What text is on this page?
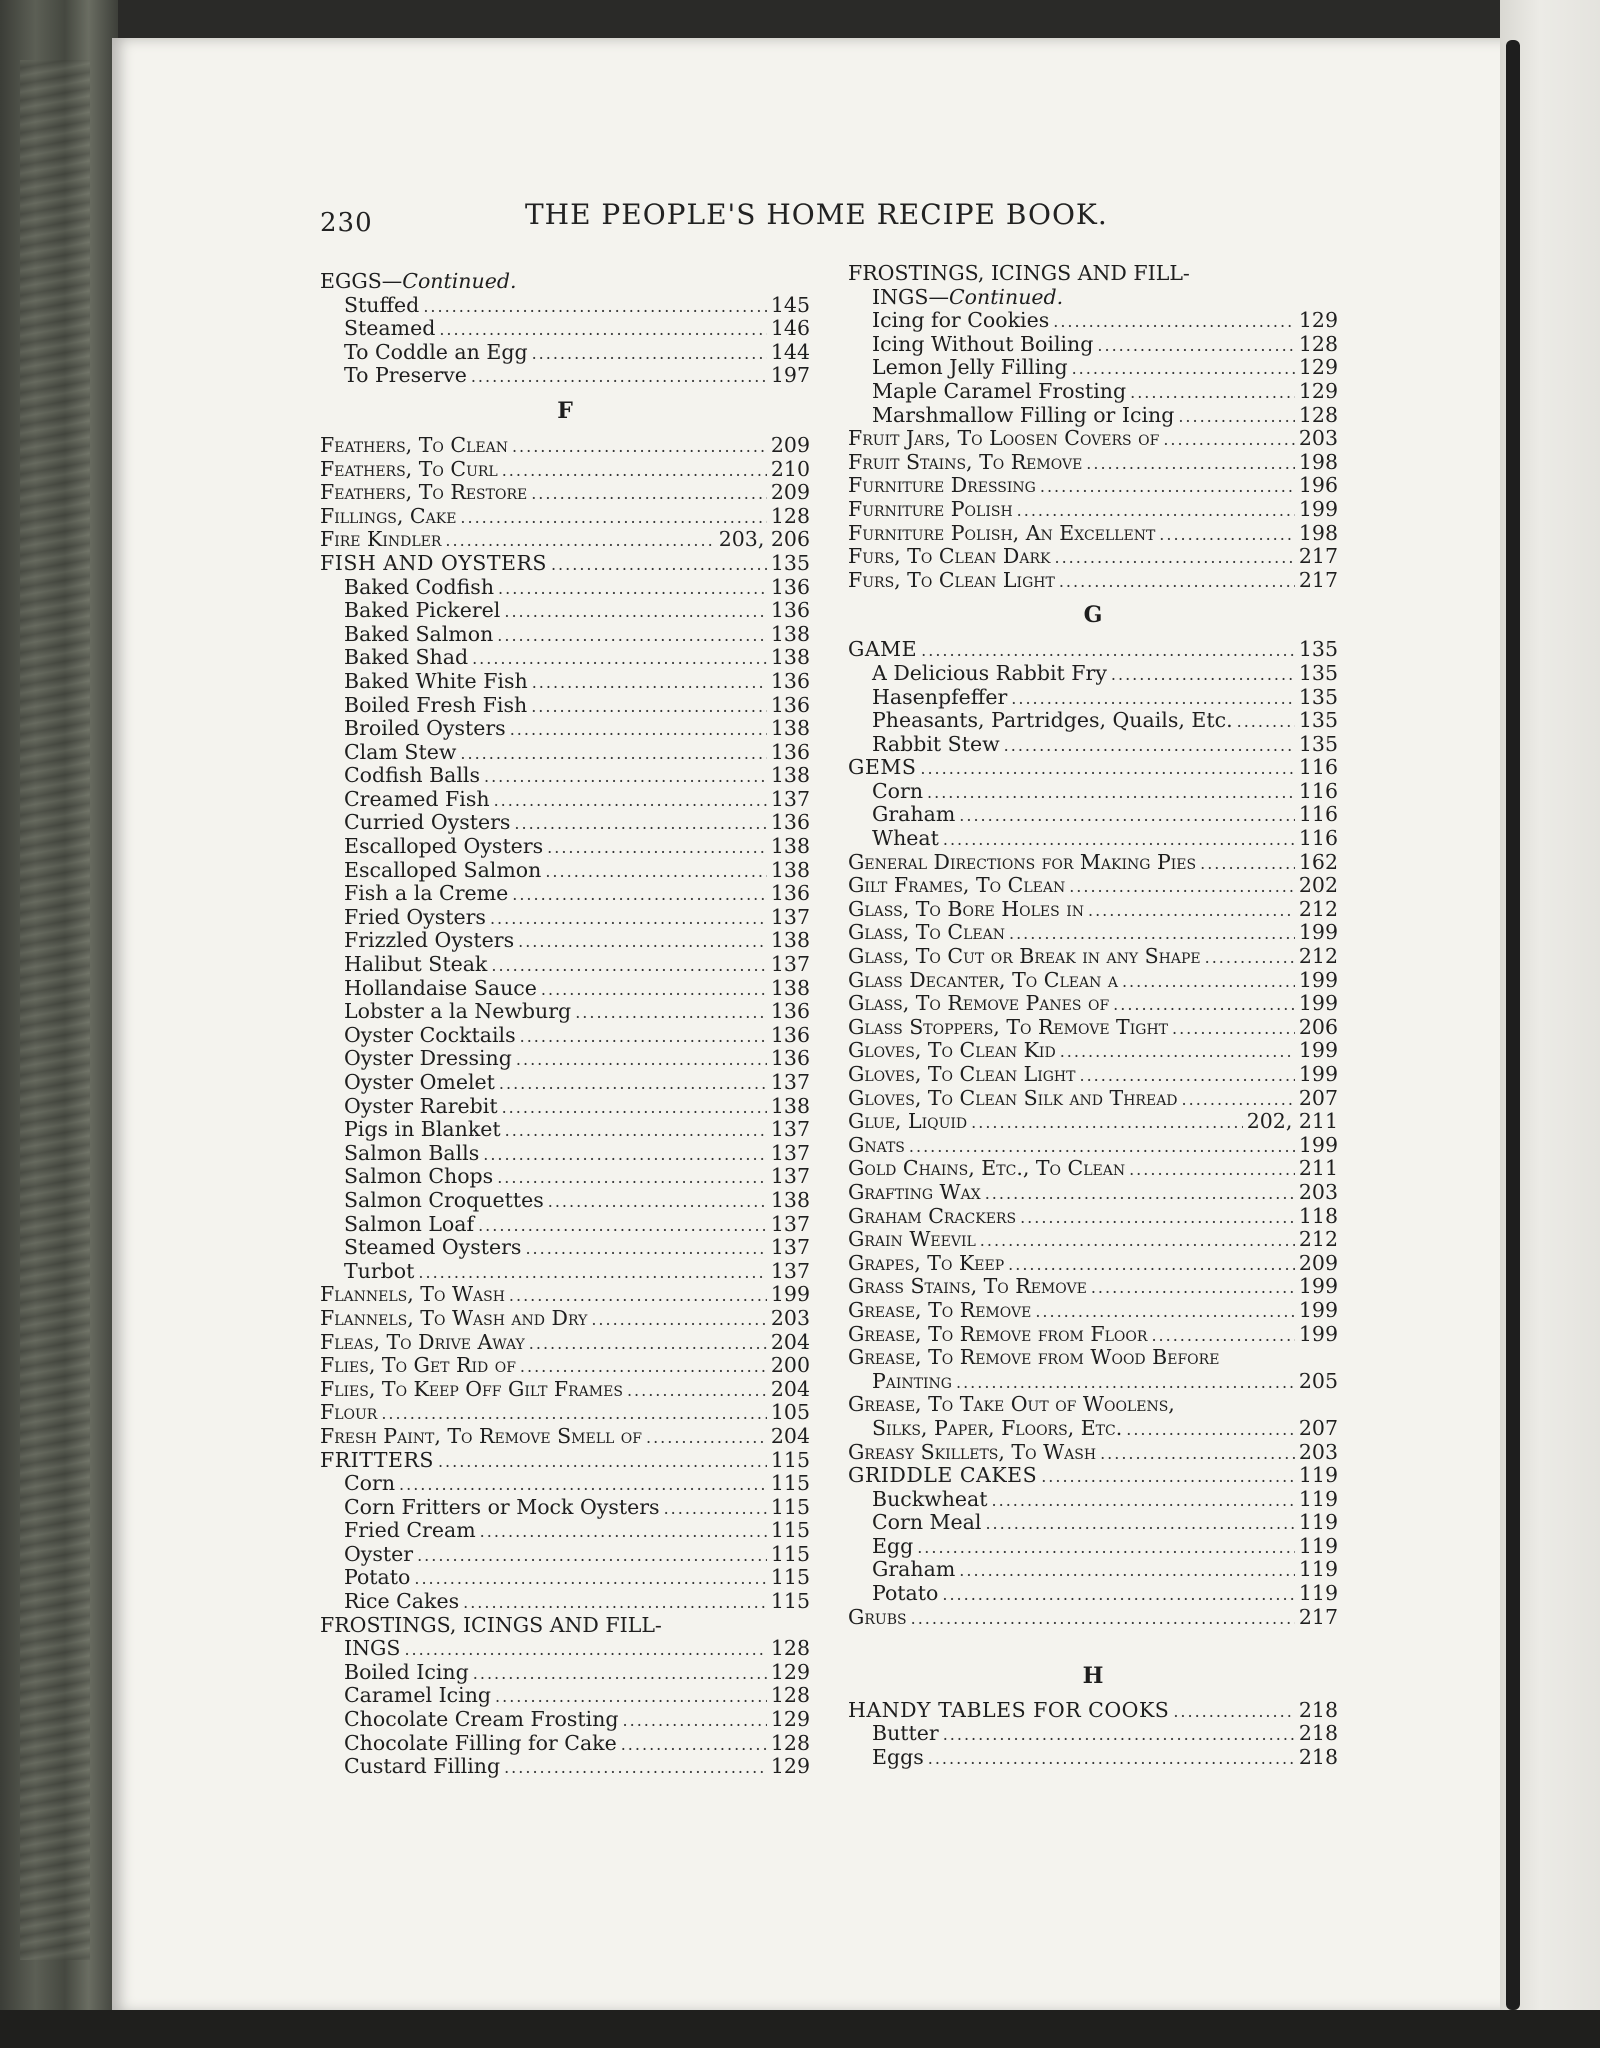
230	THE PEOPLE'S HOME RECIPE BOOK.
EGGS—Continued.
Stuffed .....	145
Steamed .....	146
To Coddle an Egg .....	144
To Preserve .....	197
F
Feathers, To Clean .....	209
Feathers, To Curl .....	210
Feathers, To Restore .....	209
Fillings, Cake .....	128
Fire Kindler .....	203, 206
FISH AND OYSTERS .....	135
Baked Codfish .....	136
Baked Pickerel .....	136
Baked Salmon .....	138
Baked Shad .....	138
Baked White Fish .....	136
Boiled Fresh Fish .....	136
Broiled Oysters .....	138
Clam Stew .....	136
Codfish Balls .....	138
Creamed Fish .....	137
Curried Oysters .....	136
Escalloped Oysters .....	138
Escalloped Salmon .....	138
Fish a la Creme .....	136
Fried Oysters .....	137
Frizzled Oysters .....	138
Halibut Steak .....	137
Hollandaise Sauce .....	138
Lobster a la Newburg .....	136
Oyster Cocktails .....	136
Oyster Dressing .....	136
Oyster Omelet .....	137
Oyster Rarebit .....	138
Pigs in Blanket .....	137
Salmon Balls .....	137
Salmon Chops .....	137
Salmon Croquettes .....	138
Salmon Loaf .....	137
Steamed Oysters .....	137
Turbot .....	137
Flannels, To Wash .....	199
Flannels, To Wash and Dry .....	203
Fleas, To Drive Away .....	204
Flies, To Get Rid of .....	200
Flies, To Keep Off Gilt Frames .....	204
Flour .....	105
Fresh Paint, To Remove Smell of .....	204
FRITTERS .....	115
Corn .....	115
Corn Fritters or Mock Oysters .....	115
Fried Cream .....	115
Oyster .....	115
Potato .....	115
Rice Cakes .....	115
FROSTINGS, ICINGS AND FILL-
INGS .....	128
Boiled Icing .....	129
Caramel Icing .....	128
Chocolate Cream Frosting .....	129
Chocolate Filling for Cake .....	128
Custard Filling .....	129
FROSTINGS, ICINGS AND FILL-
INGS—Continued.
Icing for Cookies .....	129
Icing Without Boiling .....	128
Lemon Jelly Filling .....	129
Maple Caramel Frosting .....	129
Marshmallow Filling or Icing .....	128
Fruit Jars, To Loosen Covers of .....	203
Fruit Stains, To Remove .....	198
Furniture Dressing .....	196
Furniture Polish .....	199
Furniture Polish, An Excellent .....	198
Furs, To Clean Dark .....	217
Furs, To Clean Light .....	217
G
GAME .....	135
A Delicious Rabbit Fry .....	135
Hasenpfeffer .....	135
Pheasants, Partridges, Quails, Etc. .....	135
Rabbit Stew .....	135
GEMS .....	116
Corn .....	116
Graham .....	116
Wheat .....	116
General Directions for Making Pies .....	162
Gilt Frames, To Clean .....	202
Glass, To Bore Holes in .....	212
Glass, To Clean .....	199
Glass, To Cut or Break in any Shape .....	212
Glass Decanter, To Clean a .....	199
Glass, To Remove Panes of .....	199
Glass Stoppers, To Remove Tight .....	206
Gloves, To Clean Kid .....	199
Gloves, To Clean Light .....	199
Gloves, To Clean Silk and Thread .....	207
Glue, Liquid .....	202, 211
Gnats .....	199
Gold Chains, Etc., To Clean .....	211
Grafting Wax .....	203
Graham Crackers .....	118
Grain Weevil .....	212
Grapes, To Keep .....	209
Grass Stains, To Remove .....	199
Grease, To Remove .....	199
Grease, To Remove from Floor .....	199
Grease, To Remove from Wood Before
Painting .....	205
Grease, To Take Out of Woolens,
Silks, Paper, Floors, Etc. .....	207
Greasy Skillets, To Wash .....	203
GRIDDLE CAKES .....	119
Buckwheat .....	119
Corn Meal .....	119
Egg .....	119
Graham .....	119
Potato .....	119
Grubs .....	217
H
HANDY TABLES FOR COOKS .....	218
Butter .....	218
Eggs .....	218
